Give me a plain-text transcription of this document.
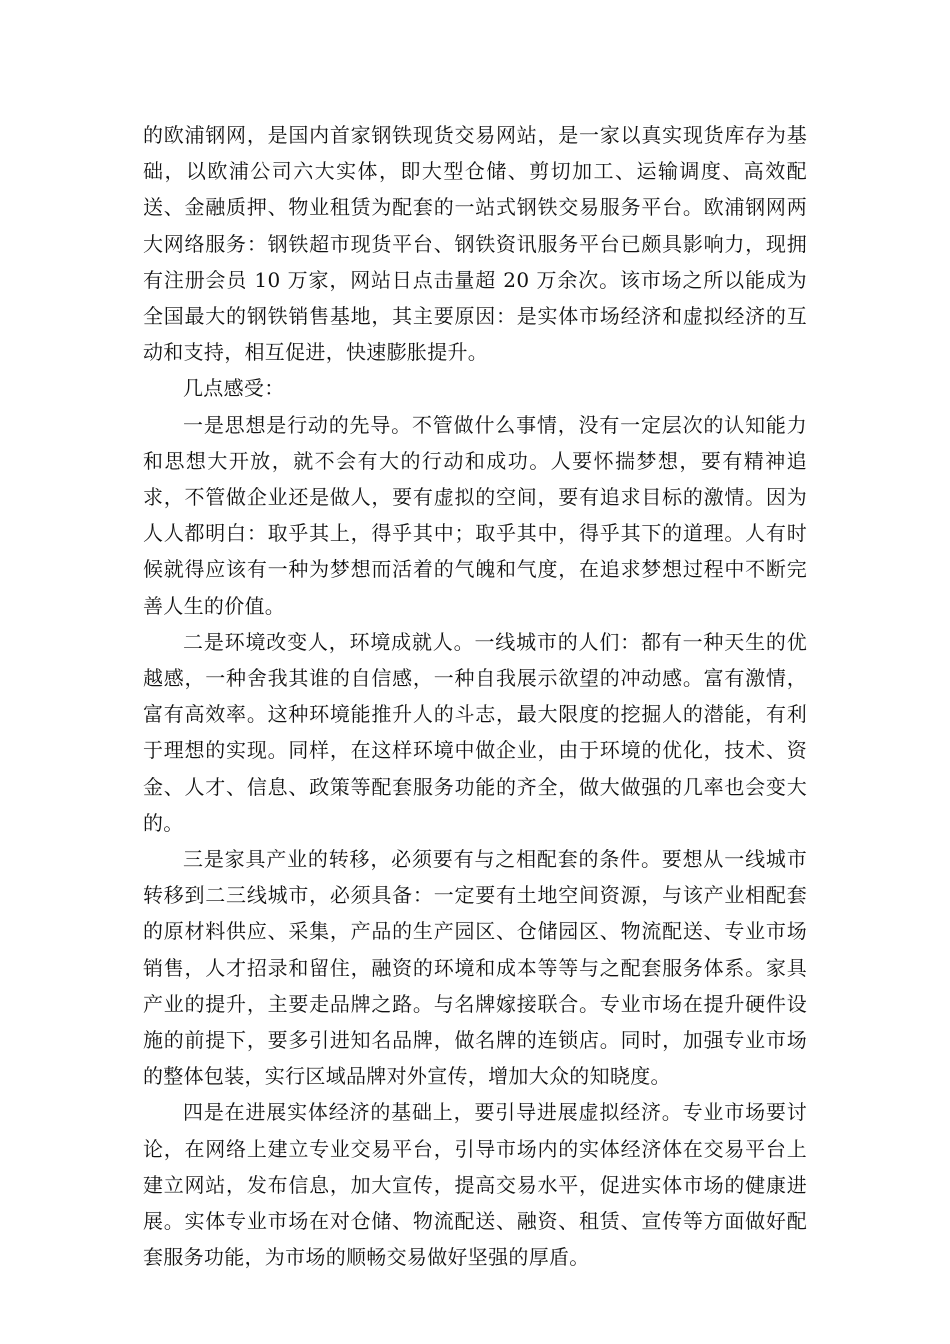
的欧浦钢网，是国内首家钢铁现货交易网站，是一家以真实现货库存为基础，以欧浦公司六大实体，即大型仓储、剪切加工、运输调度、高效配送、金融质押、物业租赁为配套的一站式钢铁交易服务平台。欧浦钢网两大网络服务：钢铁超市现货平台、钢铁资讯服务平台已颇具影响力，现拥有注册会员 10 万家，网站日点击量超 20 万余次。该市场之所以能成为全国最大的钢铁销售基地，其主要原因：是实体市场经济和虚拟经济的互动和支持，相互促进，快速膨胀提升。

几点感受：

一是思想是行动的先导。不管做什么事情，没有一定层次的认知能力和思想大开放，就不会有大的行动和成功。人要怀揣梦想，要有精神追求，不管做企业还是做人，要有虚拟的空间，要有追求目标的激情。因为人人都明白：取乎其上，得乎其中；取乎其中，得乎其下的道理。人有时候就得应该有一种为梦想而活着的气魄和气度，在追求梦想过程中不断完善人生的价值。

二是环境改变人，环境成就人。一线城市的人们：都有一种天生的优越感，一种舍我其谁的自信感，一种自我展示欲望的冲动感。富有激情，富有高效率。这种环境能推升人的斗志，最大限度的挖掘人的潜能，有利于理想的实现。同样，在这样环境中做企业，由于环境的优化，技术、资金、人才、信息、政策等配套服务功能的齐全，做大做强的几率也会变大的。

三是家具产业的转移，必须要有与之相配套的条件。要想从一线城市转移到二三线城市，必须具备：一定要有土地空间资源，与该产业相配套的原材料供应、采集，产品的生产园区、仓储园区、物流配送、专业市场销售，人才招录和留住，融资的环境和成本等等与之配套服务体系。家具产业的提升，主要走品牌之路。与名牌嫁接联合。专业市场在提升硬件设施的前提下，要多引进知名品牌，做名牌的连锁店。同时，加强专业市场的整体包装，实行区域品牌对外宣传，增加大众的知晓度。

四是在进展实体经济的基础上，要引导进展虚拟经济。专业市场要讨论，在网络上建立专业交易平台，引导市场内的实体经济体在交易平台上建立网站，发布信息，加大宣传，提高交易水平，促进实体市场的健康进展。实体专业市场在对仓储、物流配送、融资、租赁、宣传等方面做好配套服务功能，为市场的顺畅交易做好坚强的厚盾。
